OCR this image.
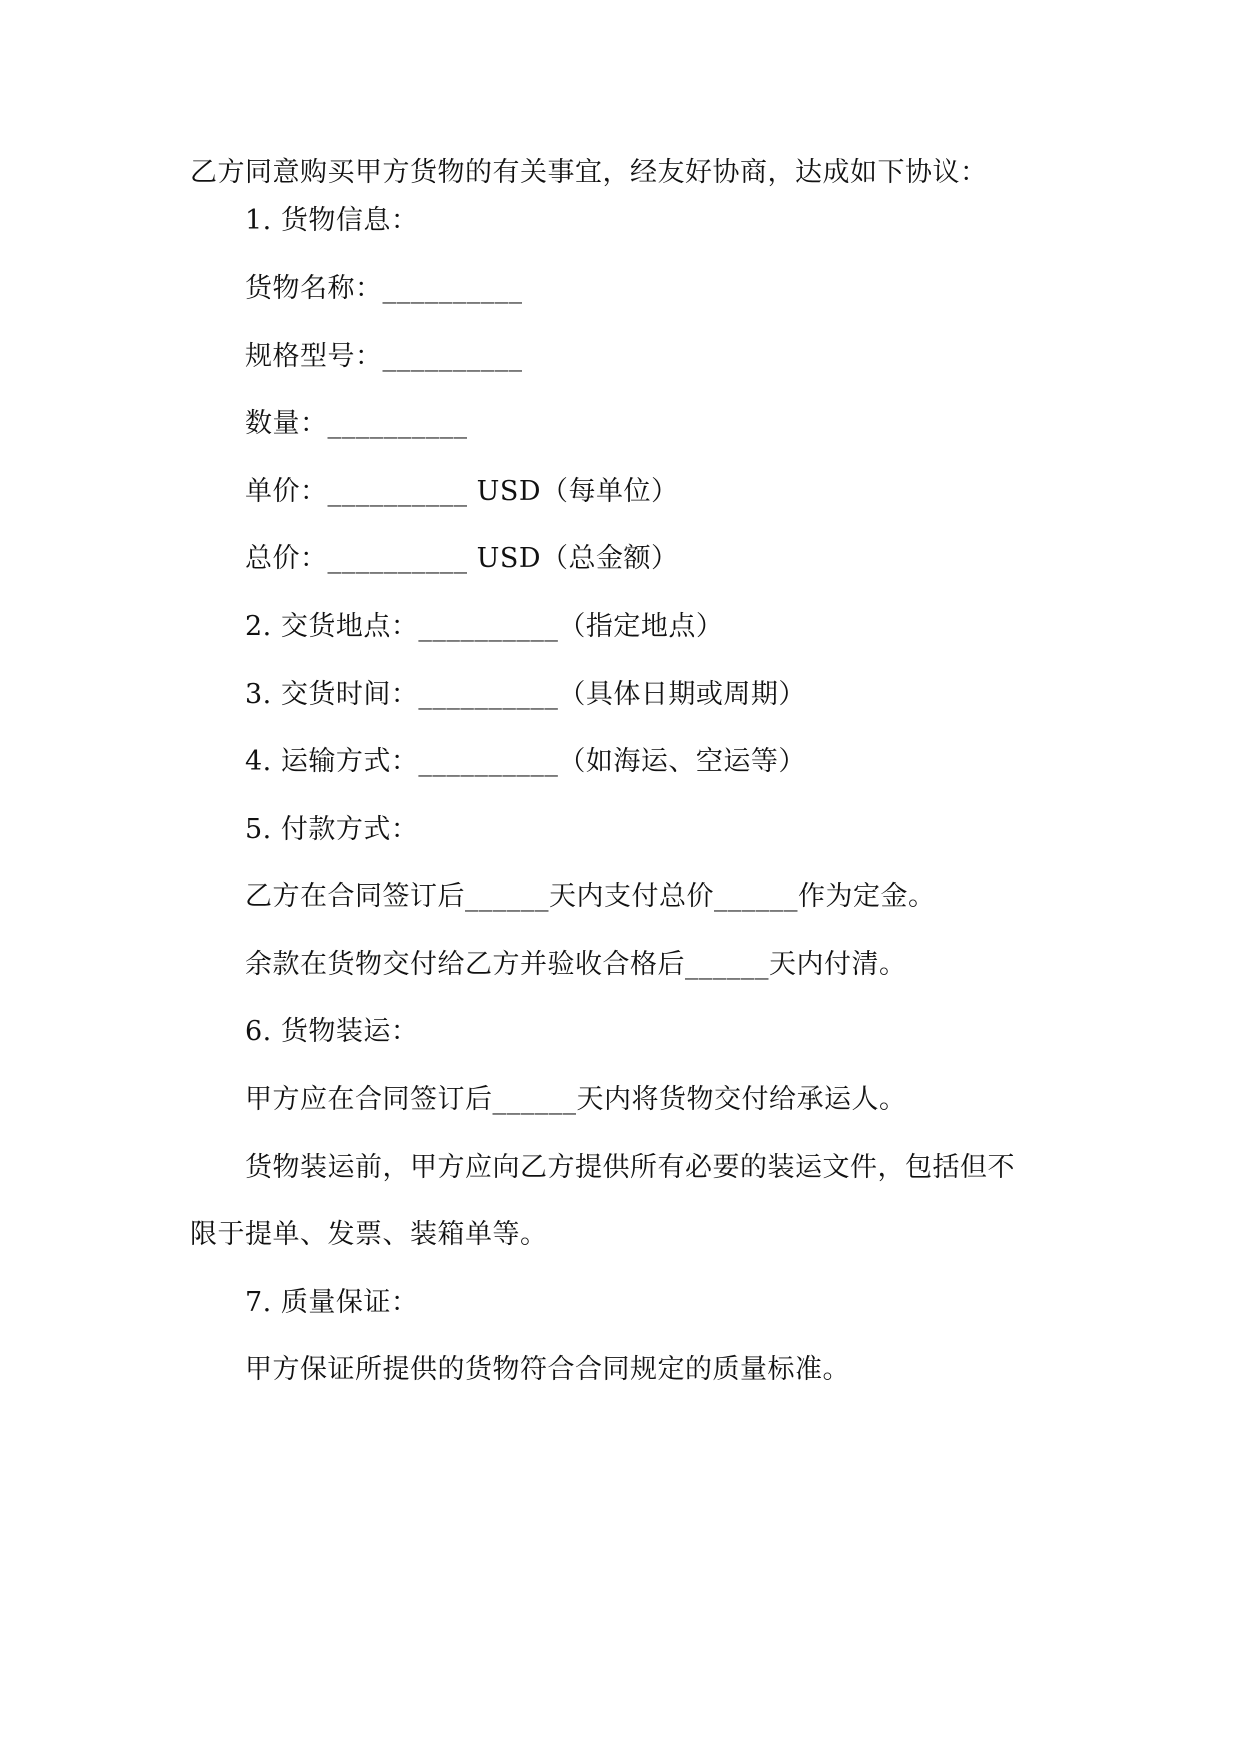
乙方同意购买甲方货物的有关事宜，经友好协商，达成如下协议：
1. 货物信息：
货物名称：__________
规格型号：__________
数量：__________
单价：__________ USD（每单位）
总价：__________ USD（总金额）
2. 交货地点：__________（指定地点）
3. 交货时间：__________（具体日期或周期）
4. 运输方式：__________（如海运、空运等）
5. 付款方式：
乙方在合同签订后______天内支付总价______作为定金。
余款在货物交付给乙方并验收合格后______天内付清。
6. 货物装运：
甲方应在合同签订后______天内将货物交付给承运人。
货物装运前，甲方应向乙方提供所有必要的装运文件，包括但不
限于提单、发票、装箱单等。
7. 质量保证：
甲方保证所提供的货物符合合同规定的质量标准。
